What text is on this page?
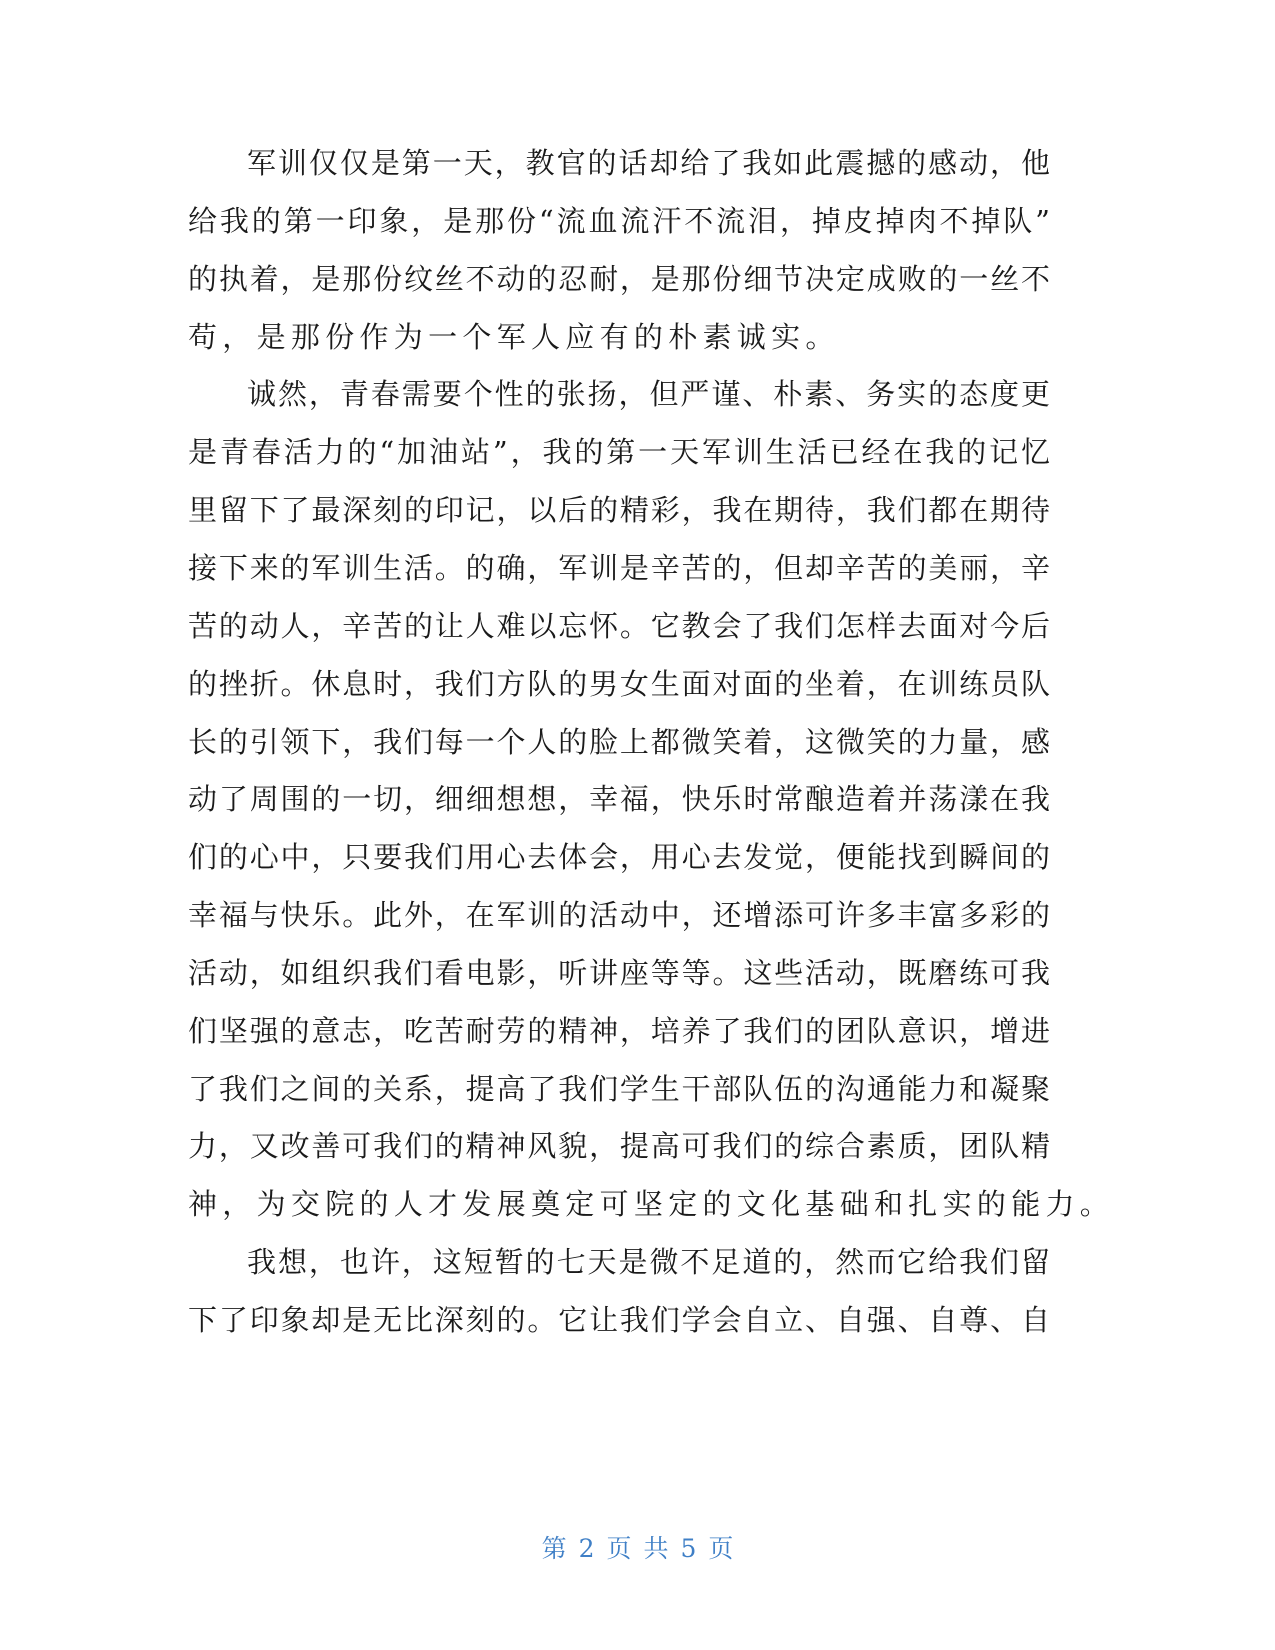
军训仅仅是第一天，教官的话却给了我如此震撼的感动，他
给我的第一印象，是那份“流血流汗不流泪，掉皮掉肉不掉队”
的执着，是那份纹丝不动的忍耐，是那份细节决定成败的一丝不
苟，是那份作为一个军人应有的朴素诚实。
诚然，青春需要个性的张扬，但严谨、朴素、务实的态度更
是青春活力的“加油站”，我的第一天军训生活已经在我的记忆
里留下了最深刻的印记，以后的精彩，我在期待，我们都在期待
接下来的军训生活。的确，军训是辛苦的，但却辛苦的美丽，辛
苦的动人，辛苦的让人难以忘怀。它教会了我们怎样去面对今后
的挫折。休息时，我们方队的男女生面对面的坐着，在训练员队
长的引领下，我们每一个人的脸上都微笑着，这微笑的力量，感
动了周围的一切，细细想想，幸福，快乐时常酿造着并荡漾在我
们的心中，只要我们用心去体会，用心去发觉，便能找到瞬间的
幸福与快乐。此外，在军训的活动中，还增添可许多丰富多彩的
活动，如组织我们看电影，听讲座等等。这些活动，既磨练可我
们坚强的意志，吃苦耐劳的精神，培养了我们的团队意识，增进
了我们之间的关系，提高了我们学生干部队伍的沟通能力和凝聚
力，又改善可我们的精神风貌，提高可我们的综合素质，团队精
神，为交院的人才发展奠定可坚定的文化基础和扎实的能力。
我想，也许，这短暂的七天是微不足道的，然而它给我们留
下了印象却是无比深刻的。它让我们学会自立、自强、自尊、自
第 2 页 共 5 页
